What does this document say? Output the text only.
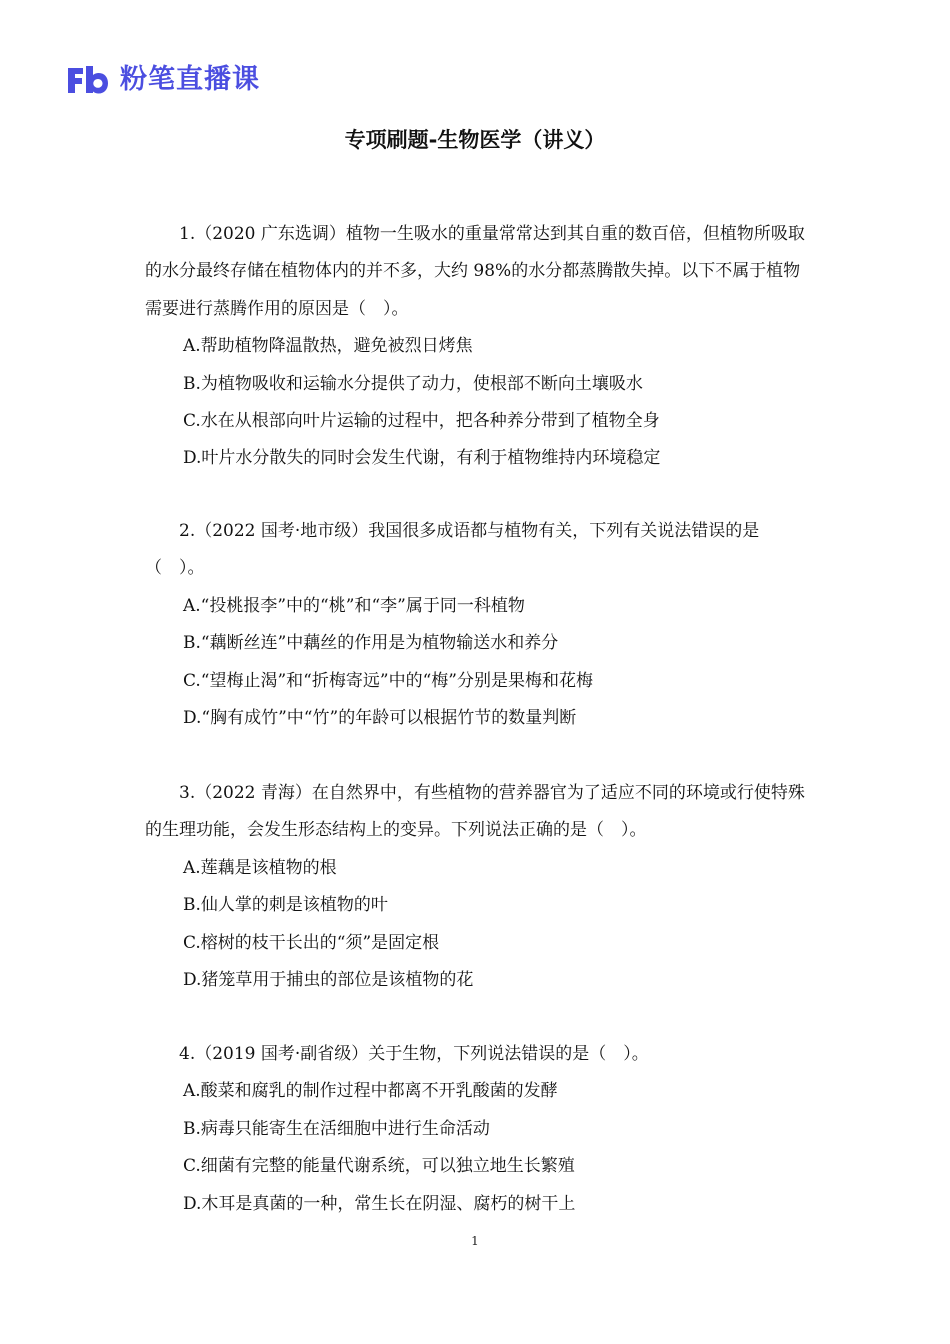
粉笔直播课
专项刷题-生物医学（讲义）

1.（2020 广东选调）植物一生吸水的重量常常达到其自重的数百倍，但植物所吸取的水分最终存储在植物体内的并不多，大约 98%的水分都蒸腾散失掉。以下不属于植物需要进行蒸腾作用的原因是（　）。

A.帮助植物降温散热，避免被烈日烤焦

B.为植物吸收和运输水分提供了动力，使根部不断向土壤吸水

C.水在从根部向叶片运输的过程中，把各种养分带到了植物全身

D.叶片水分散失的同时会发生代谢，有利于植物维持内环境稳定

2.（2022 国考·地市级）我国很多成语都与植物有关，下列有关说法错误的是（　）。

A.“投桃报李”中的“桃”和“李”属于同一科植物

B.“藕断丝连”中藕丝的作用是为植物输送水和养分

C.“望梅止渴”和“折梅寄远”中的“梅”分别是果梅和花梅

D.“胸有成竹”中“竹”的年龄可以根据竹节的数量判断

3.（2022 青海）在自然界中，有些植物的营养器官为了适应不同的环境或行使特殊的生理功能，会发生形态结构上的变异。下列说法正确的是（　）。

A.莲藕是该植物的根

B.仙人掌的刺是该植物的叶

C.榕树的枝干长出的“须”是固定根

D.猪笼草用于捕虫的部位是该植物的花

4.（2019 国考·副省级）关于生物，下列说法错误的是（　）。

A.酸菜和腐乳的制作过程中都离不开乳酸菌的发酵

B.病毒只能寄生在活细胞中进行生命活动

C.细菌有完整的能量代谢系统，可以独立地生长繁殖

D.木耳是真菌的一种，常生长在阴湿、腐朽的树干上

1
